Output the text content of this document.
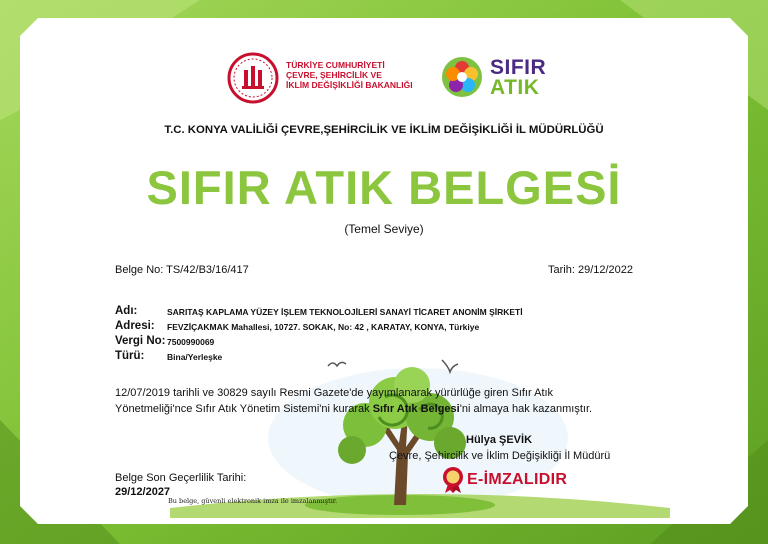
TÜRKİYE CUMHURİYETİ
ÇEVRE, ŞEHİRCİLİK VE
İKLİM DEĞİŞİKLİĞİ BAKANLIĞI
SIFIR
ATIK
T.C. KONYA VALİLİĞİ ÇEVRE,ŞEHİRCİLİK VE İKLİM DEĞİŞİKLİĞİ İL MÜDÜRLÜĞÜ
SIFIR ATIK BELGESİ
(Temel Seviye)
Belge No: TS/42/B3/16/417	Tarih: 29/12/2022
Adı:	SARITAŞ KAPLAMA YÜZEY İŞLEM TEKNOLOJİLERİ SANAYİ TİCARET ANONİM ŞİRKETİ
Adresi: FEVZİÇAKMAK Mahallesi, 10727. SOKAK, No: 42 , KARATAY, KONYA, Türkiye
Vergi No: 7500990069
Türü:	Bina/Yerleşke
12/07/2019 tarihli ve 30829 sayılı Resmi Gazete'de yayımlanarak yürürlüğe giren Sıfır Atık
Yönetmeliği'nce Sıfır Atık Yönetim Sistemi'ni kurarak Sıfır Atık Belgesi'ni almaya hak kazanmıştır.
Hülya ŞEVİK
Çevre, Şehircilik ve İklim Değişikliği İl Müdürü
Belge Son Geçerlilik Tarihi:
29/12/2027
E-İMZALIDIR
Bu belge, güvenli elektronik imza ile imzalanmıştır.
